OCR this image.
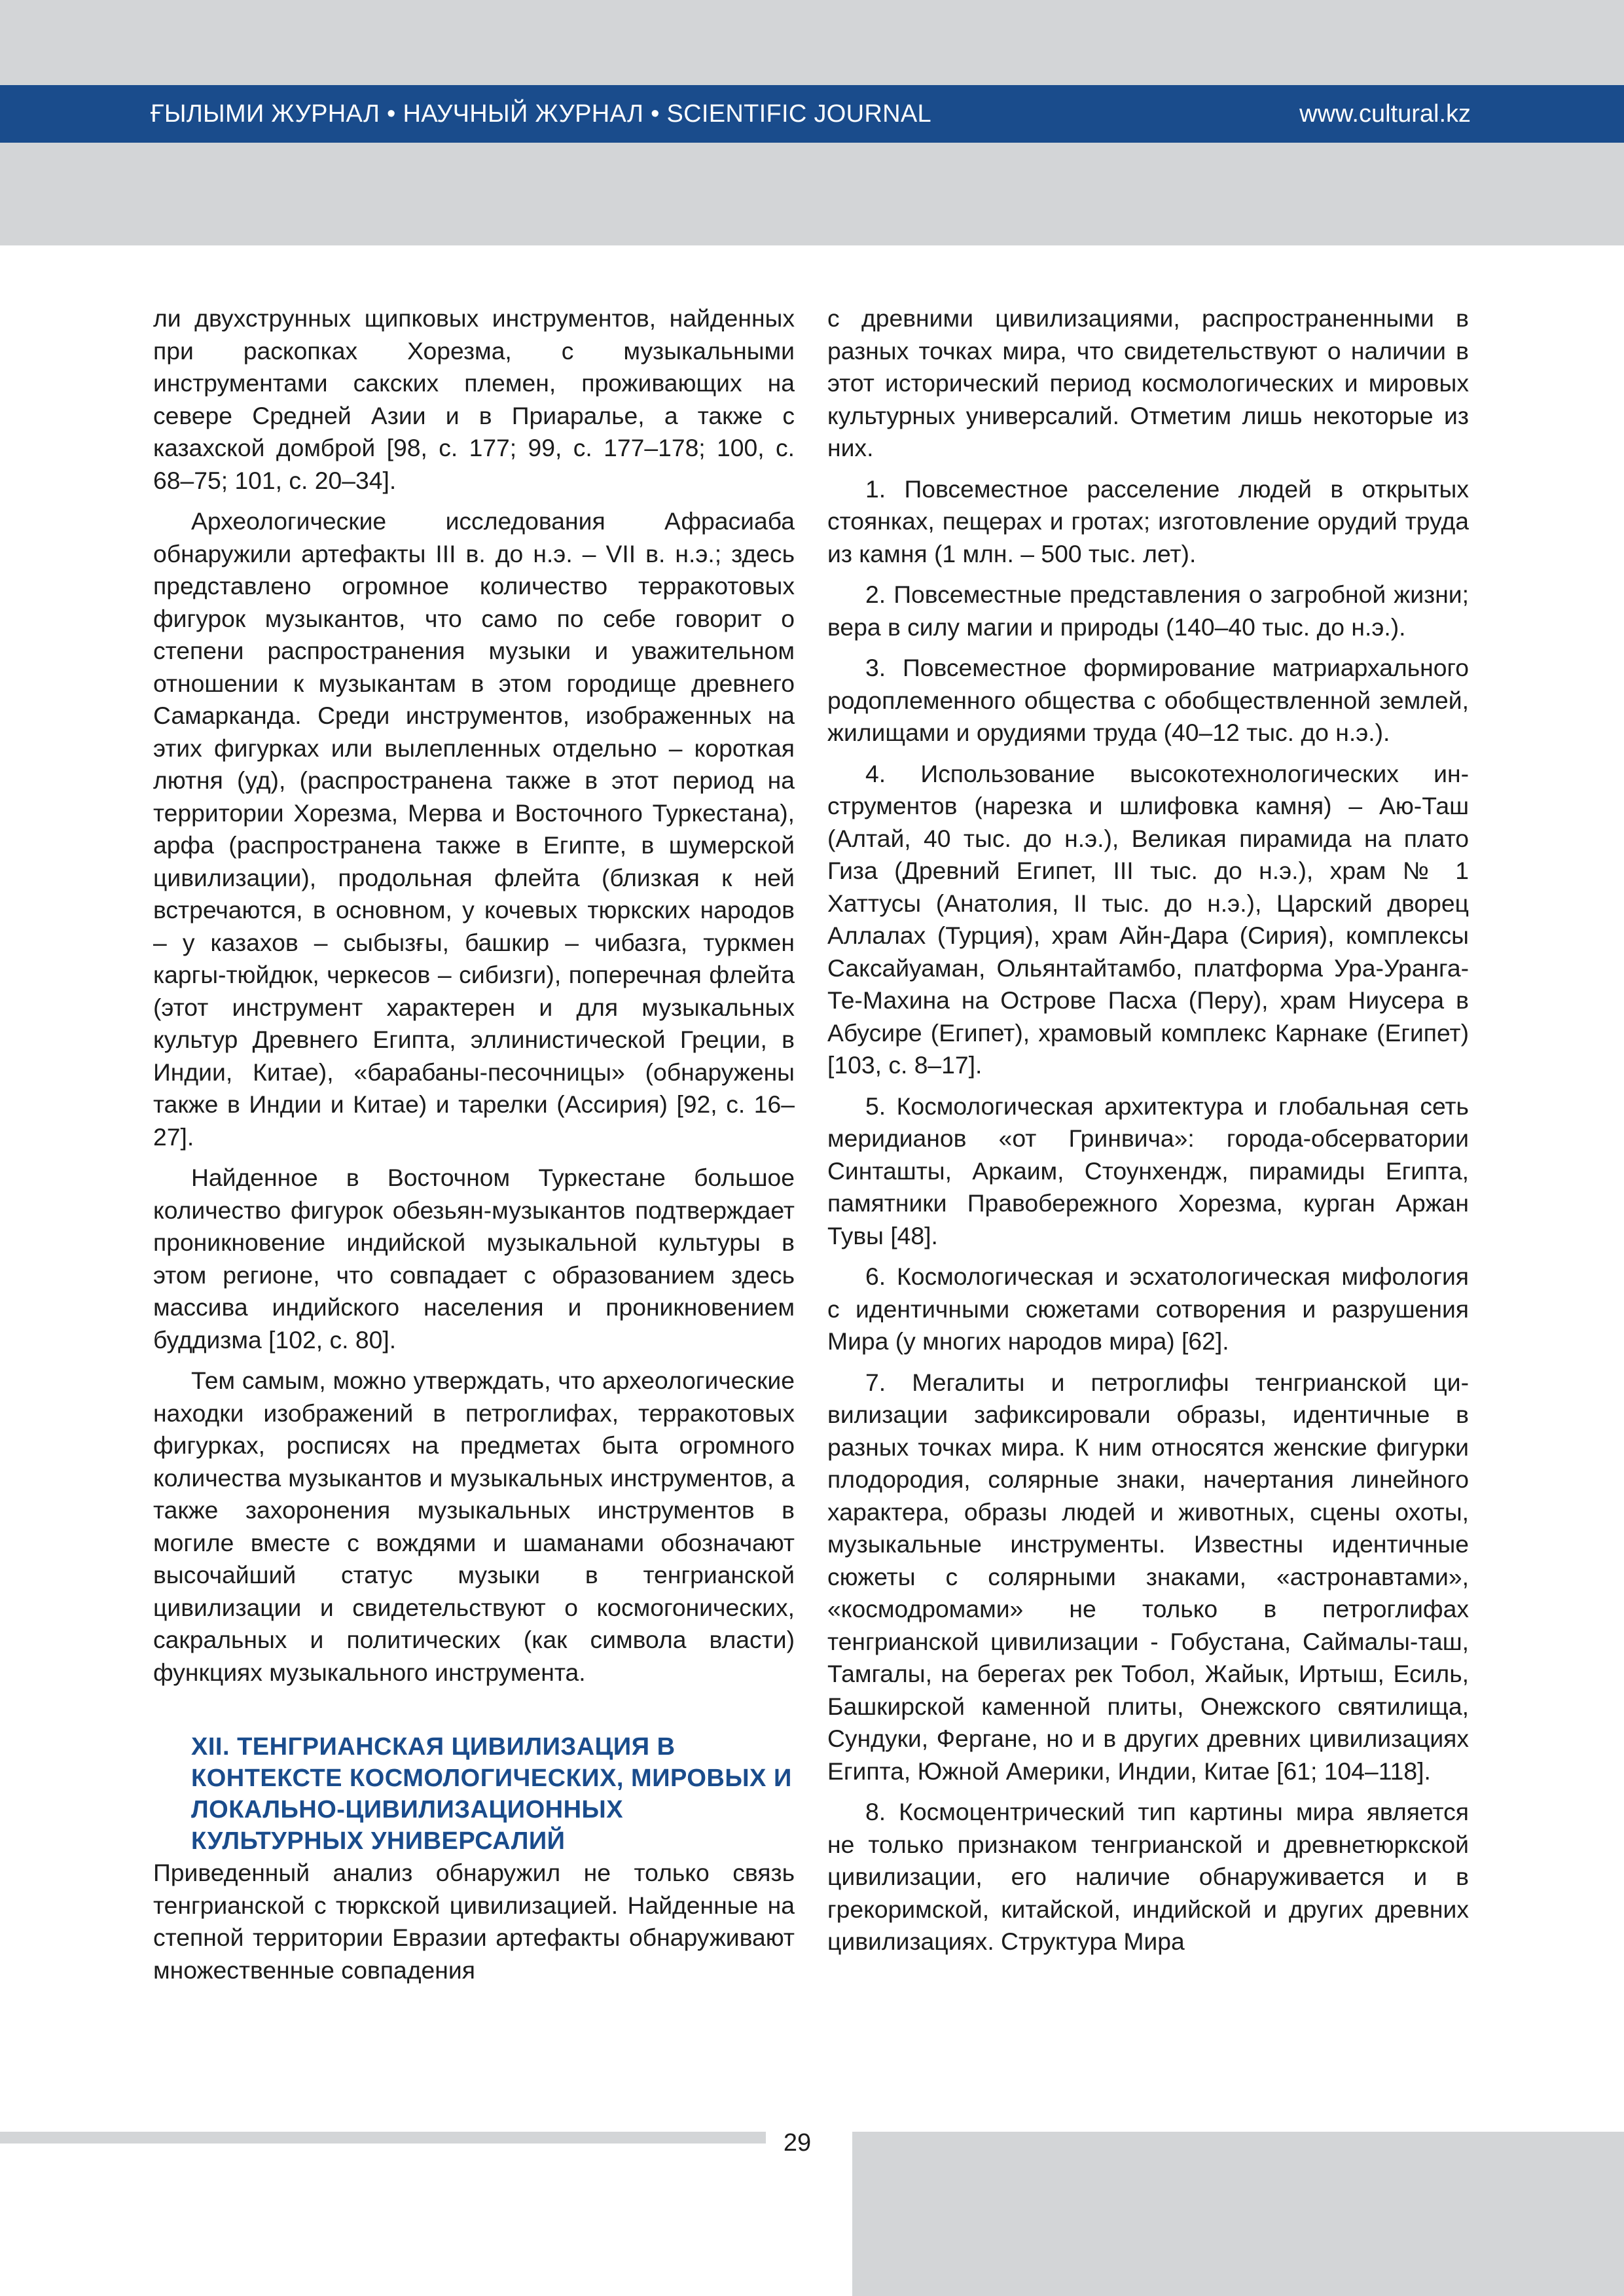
ҒЫЛЫМИ ЖУРНАЛ • НАУЧНЫЙ ЖУРНАЛ • SCIENTIFIC JOURNAL	www.cultural.kz

ли двухструнных щипковых инструментов, найденных при раскопках Хорезма, с музыкальными инструментами сакских племен, проживающих на севере Средней Азии и в Приаралье, а также с казахской домброй [98, с. 177; 99, с. 177–178; 100, с. 68–75; 101, с. 20–34].

Археологические исследования Афрасиаба обнаружили артефакты III в. до н.э. – VII в. н.э.; здесь представлено огромное количество терракотовых фигурок музыкантов, что само по себе говорит о степени распространения музыки и уважительном отношении к музыкантам в этом городище древнего Самарканда. Среди инструментов, изображенных на этих фигурках или вылепленных отдельно – короткая лютня (уд), (распространена также в этот период на территории Хорезма, Мерва и Восточного Туркестана), арфа (распространена также в Египте, в шумерской цивилизации), продольная флейта (близкая к ней встречаются, в основном, у кочевых тюркских народов – у казахов – сыбызғы, башкир – чибазга, туркмен каргы-тюйдюк, черкесов – сибизги), поперечная флейта (этот инструмент характерен и для музыкальных культур Древнего Египта, эллинистической Греции, в Индии, Китае), «барабаны-песочницы» (обнаружены также в Индии и Китае) и тарелки (Ассирия) [92, с. 16–27].

Найденное в Восточном Туркестане большое количество фигурок обезьян-музыкантов подтверждает проникновение индийской музыкальной культуры в этом регионе, что совпадает с образованием здесь массива индийского населения и проникновением буддизма [102, с. 80].

Тем самым, можно утверждать, что археологические находки изображений в петроглифах, терракотовых фигурках, росписях на предметах быта огромного количества музыкантов и музыкальных инструментов, а также захоронения музыкальных инструментов в могиле вместе с вождями и шаманами обозначают высочайший статус музыки в тенгрианской цивилизации и свидетельствуют о космогонических, сакральных и политических (как символа власти) функциях музыкального инструмента.

XII. ТЕНГРИАНСКАЯ ЦИВИЛИЗАЦИЯ В КОНТЕКСТЕ КОСМОЛОГИЧЕСКИХ, МИРОВЫХ И ЛОКАЛЬНО-ЦИВИЛИЗАЦИОННЫХ КУЛЬТУРНЫХ УНИВЕРСАЛИЙ

Приведенный анализ обнаружил не только связь тенгрианской с тюркской цивилизацией. Найденные на степной территории Евразии артефакты обнаруживают множественные совпадения

с древними цивилизациями, распространенными в разных точках мира, что свидетельствуют о наличии в этот исторический период космологических и мировых культурных универсалий. Отметим лишь некоторые из них.

1. Повсеместное расселение людей в открытых стоянках, пещерах и гротах; изготовление орудий труда из камня (1 млн. – 500 тыс. лет).

2. Повсеместные представления о загробной жизни; вера в силу магии и природы (140–40 тыс. до н.э.).

3. Повсеместное формирование матриархального родоплеменного общества с обобществленной землей, жилищами и орудиями труда (40–12 тыс. до н.э.).

4. Использование высокотехнологических инструментов (нарезка и шлифовка камня) – Аю-Таш (Алтай, 40 тыс. до н.э.), Великая пирамида на плато Гиза (Древний Египет, III тыс. до н.э.), храм № 1 Хаттусы (Анатолия, II тыс. до н.э.), Царский дворец Аллалах (Турция), храм Айн-Дара (Сирия), комплексы Саксайуаман, Ольянтайтамбо, платформа Ура-Уранга-Те-Махина на Острове Пасха (Перу), храм Ниусера в Абусире (Египет), храмовый комплекс Карнаке (Египет) [103, с. 8–17].

5. Космологическая архитектура и глобальная сеть меридианов «от Гринвича»: города-обсерватории Синташты, Аркаим, Стоунхендж, пирамиды Египта, памятники Правобережного Хорезма, курган Аржан Тувы [48].

6. Космологическая и эсхатологическая мифология с идентичными сюжетами сотворения и разрушения Мира (у многих народов мира) [62].

7. Мегалиты и петроглифы тенгрианской цивилизации зафиксировали образы, идентичные в разных точках мира. К ним относятся женские фигурки плодородия, солярные знаки, начертания линейного характера, образы людей и животных, сцены охоты, музыкальные инструменты. Известны идентичные сюжеты с солярными знаками, «астронавтами», «космодромами» не только в петроглифах тенгрианской цивилизации - Гобустана, Саймалы-таш, Тамгалы, на берегах рек Тобол, Жайык, Иртыш, Есиль, Башкирской каменной плиты, Онежского святилища, Сундуки, Фергане, но и в других древних цивилизациях Египта, Южной Америки, Индии, Китае [61; 104–118].

8. Космоцентрический тип картины мира является не только признаком тенгрианской и древнетюркской цивилизации, его наличие обнаруживается и в грекоримской, китайской, индийской и других древних цивилизациях. Структура Мира

29
